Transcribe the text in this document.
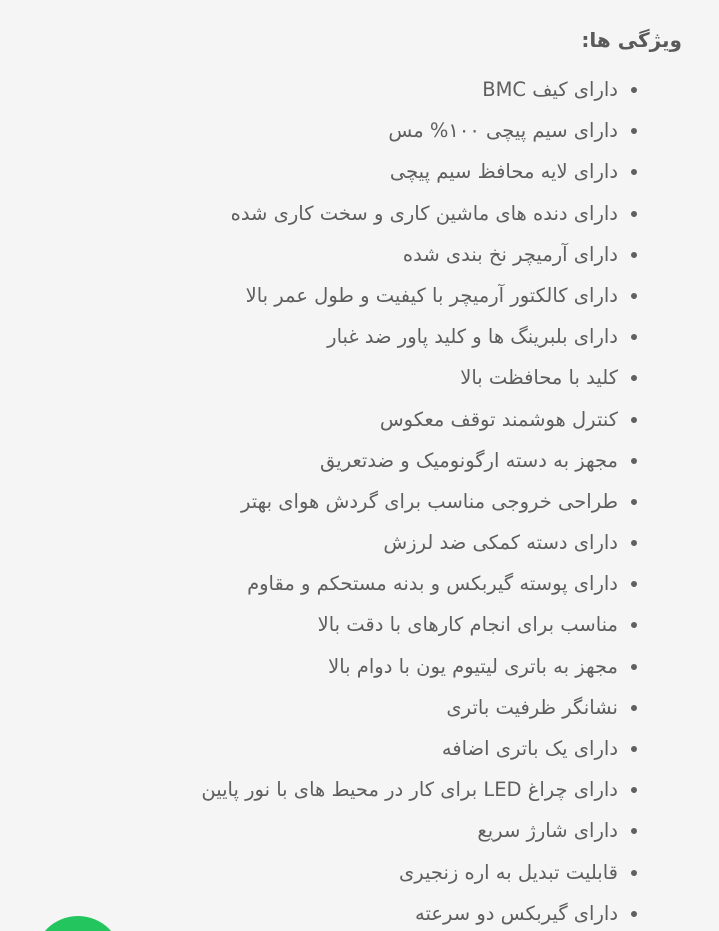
ویژگی ها:
دارای کیف BMC
دارای سیم پیچی ۱۰۰% مس
دارای لایه محافظ سیم پیچی
دارای دنده های ماشین کاری و سخت کاری شده
دارای آرمیچر نخ بندی شده
دارای کالکتور آرمیچر با کیفیت و طول عمر بالا
دارای بلبرینگ ها و کلید پاور ضد غبار
کلید با محافظت بالا
کنترل هوشمند توقف معکوس
مجهز به دسته ارگونومیک و ضدتعریق
طراحی خروجی مناسب برای گردش هوای بهتر
دارای دسته کمکی ضد لرزش
دارای پوسته گیربکس و بدنه مستحکم و مقاوم
مناسب برای انجام کارهای با دقت بالا
مجهز به باتری لیتیوم یون با دوام بالا
نشانگر ظرفیت باتری
دارای یک باتری اضافه
دارای چراغ LED برای کار در محیط های با نور پایین
دارای شارژ سریع
قابلیت تبدیل به اره زنجیری
دارای گیربکس دو سرعته
